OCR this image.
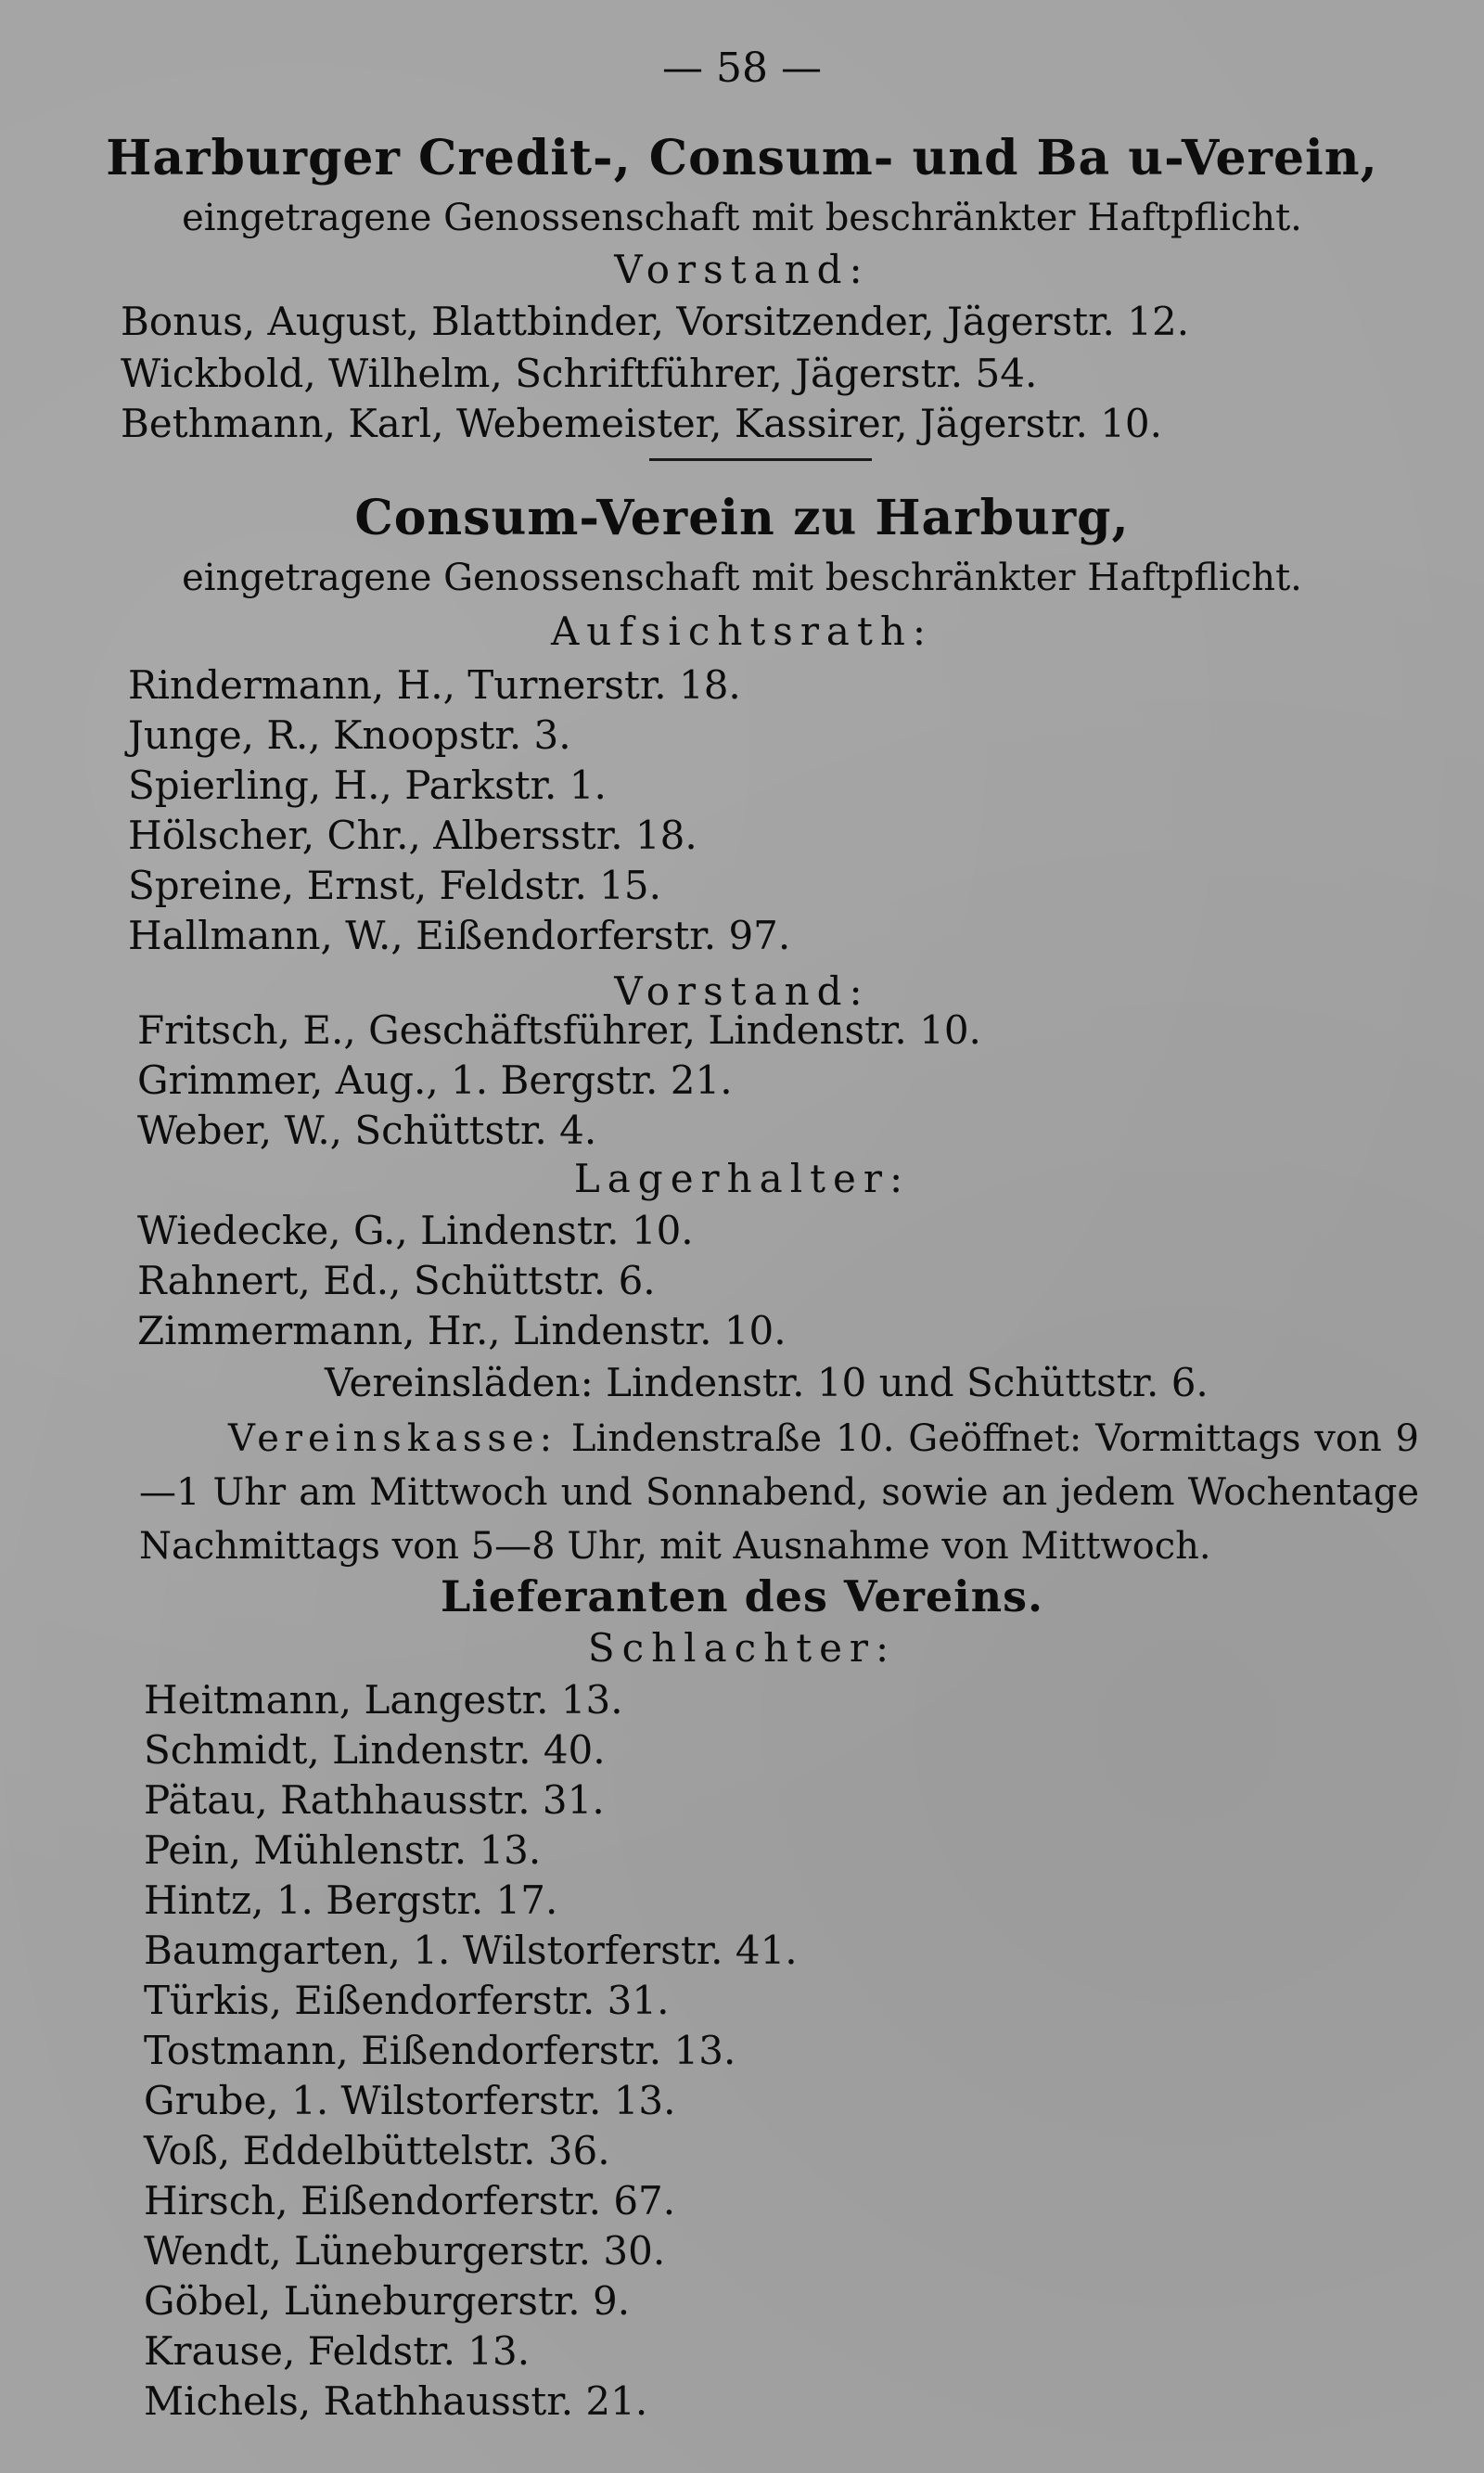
— 58 —
Harburger Credit-, Consum- und Ba u-Verein,
eingetragene Genossenschaft mit beschränkter Haftpflicht.
Vorstand:
Bonus, August, Blattbinder, Vorsitzender, Jägerstr. 12.
Wickbold, Wilhelm, Schriftführer, Jägerstr. 54.
Bethmann, Karl, Webemeister, Kassirer, Jägerstr. 10.
Consum-Verein zu Harburg,
eingetragene Genossenschaft mit beschränkter Haftpflicht.
Aufsichtsrath:
Rindermann, H., Turnerstr. 18.
Junge, R., Knoopstr. 3.
Spierling, H., Parkstr. 1.
Hölscher, Chr., Albersstr. 18.
Spreine, Ernst, Feldstr. 15.
Hallmann, W., Eißendorferstr. 97.
Vorstand:
Fritsch, E., Geschäftsführer, Lindenstr. 10.
Grimmer, Aug., 1. Bergstr. 21.
Weber, W., Schüttstr. 4.
Lagerhalter:
Wiedecke, G., Lindenstr. 10.
Rahnert, Ed., Schüttstr. 6.
Zimmermann, Hr., Lindenstr. 10.
Vereinsläden: Lindenstr. 10 und Schüttstr. 6.
Vereinskasse: Lindenstraße 10. Geöffnet: Vormittags von 9—1 Uhr am Mittwoch und Sonnabend, sowie an jedem Wochentage Nachmittags von 5—8 Uhr, mit Ausnahme von Mittwoch.
Lieferanten des Vereins.
Schlachter:
Heitmann, Langestr. 13.
Schmidt, Lindenstr. 40.
Pätau, Rathhausstr. 31.
Pein, Mühlenstr. 13.
Hintz, 1. Bergstr. 17.
Baumgarten, 1. Wilstorferstr. 41.
Türkis, Eißendorferstr. 31.
Tostmann, Eißendorferstr. 13.
Grube, 1. Wilstorferstr. 13.
Voß, Eddelbüttelstr. 36.
Hirsch, Eißendorferstr. 67.
Wendt, Lüneburgerstr. 30.
Göbel, Lüneburgerstr. 9.
Krause, Feldstr. 13.
Michels, Rathhausstr. 21.
